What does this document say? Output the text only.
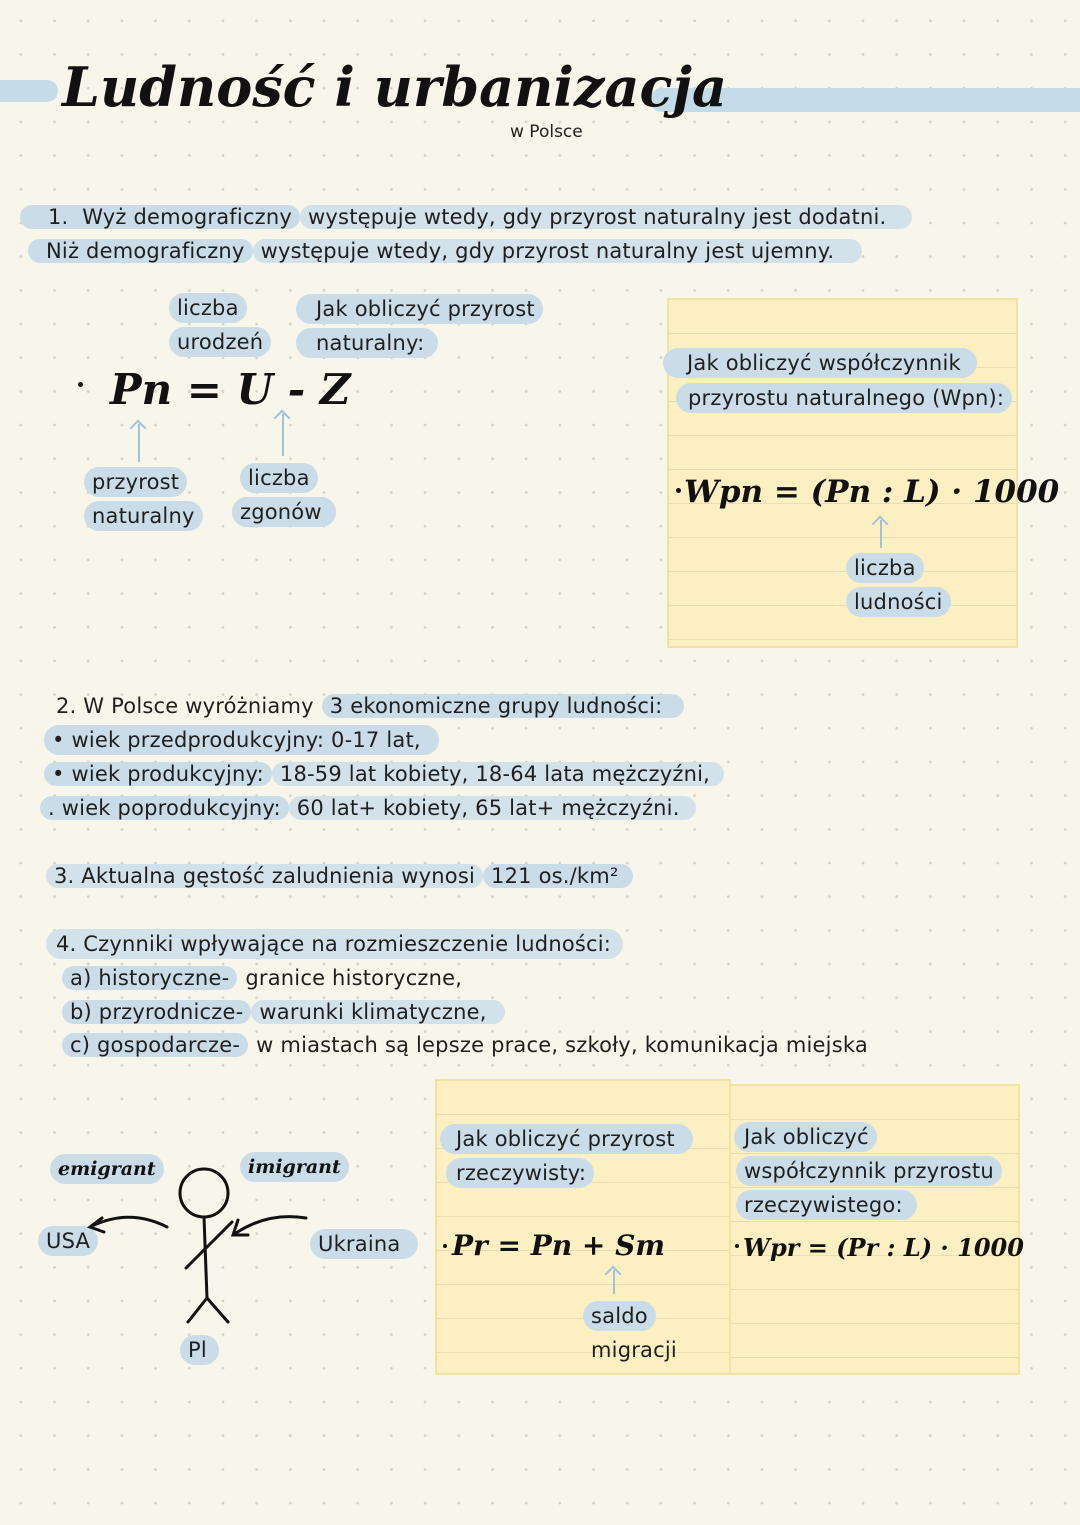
Ludność i urbanizacja
w Polsce
1. Wyż demograficzny występuje wtedy, gdy przyrost naturalny jest dodatni.
Niż demograficzny występuje wtedy, gdy przyrost naturalny jest ujemny.
liczba
urodzeń
Jak obliczyć przyrost
naturalny:
Pn = U - Z
przyrost
naturalny
liczba
zgonów
Jak obliczyć współczynnik
przyrostu naturalnego (Wpn):
Wpn = (Pn : L) · 1000
liczba
ludności
2. W Polsce wyróżniamy 3 ekonomiczne grupy ludności:
• wiek przedprodukcyjny: 0-17 lat,
• wiek produkcyjny: 18-59 lat kobiety, 18-64 lata mężczyźni,
. wiek poprodukcyjny: 60 lat+ kobiety, 65 lat+ mężczyźni.
3. Aktualna gęstość zaludnienia wynosi 121 os./km²
4. Czynniki wpływające na rozmieszczenie ludności:
a) historyczne- granice historyczne,
b) przyrodnicze- warunki klimatyczne,
c) gospodarcze- w miastach są lepsze prace, szkoły, komunikacja miejska
emigrant	imigrant
USA	Ukraina
Pl
Jak obliczyć przyrost
rzeczywisty:
Pr = Pn + Sm
saldo
migracji
Jak obliczyć
współczynnik przyrostu
rzeczywistego:
Wpr = (Pr : L) · 1000
